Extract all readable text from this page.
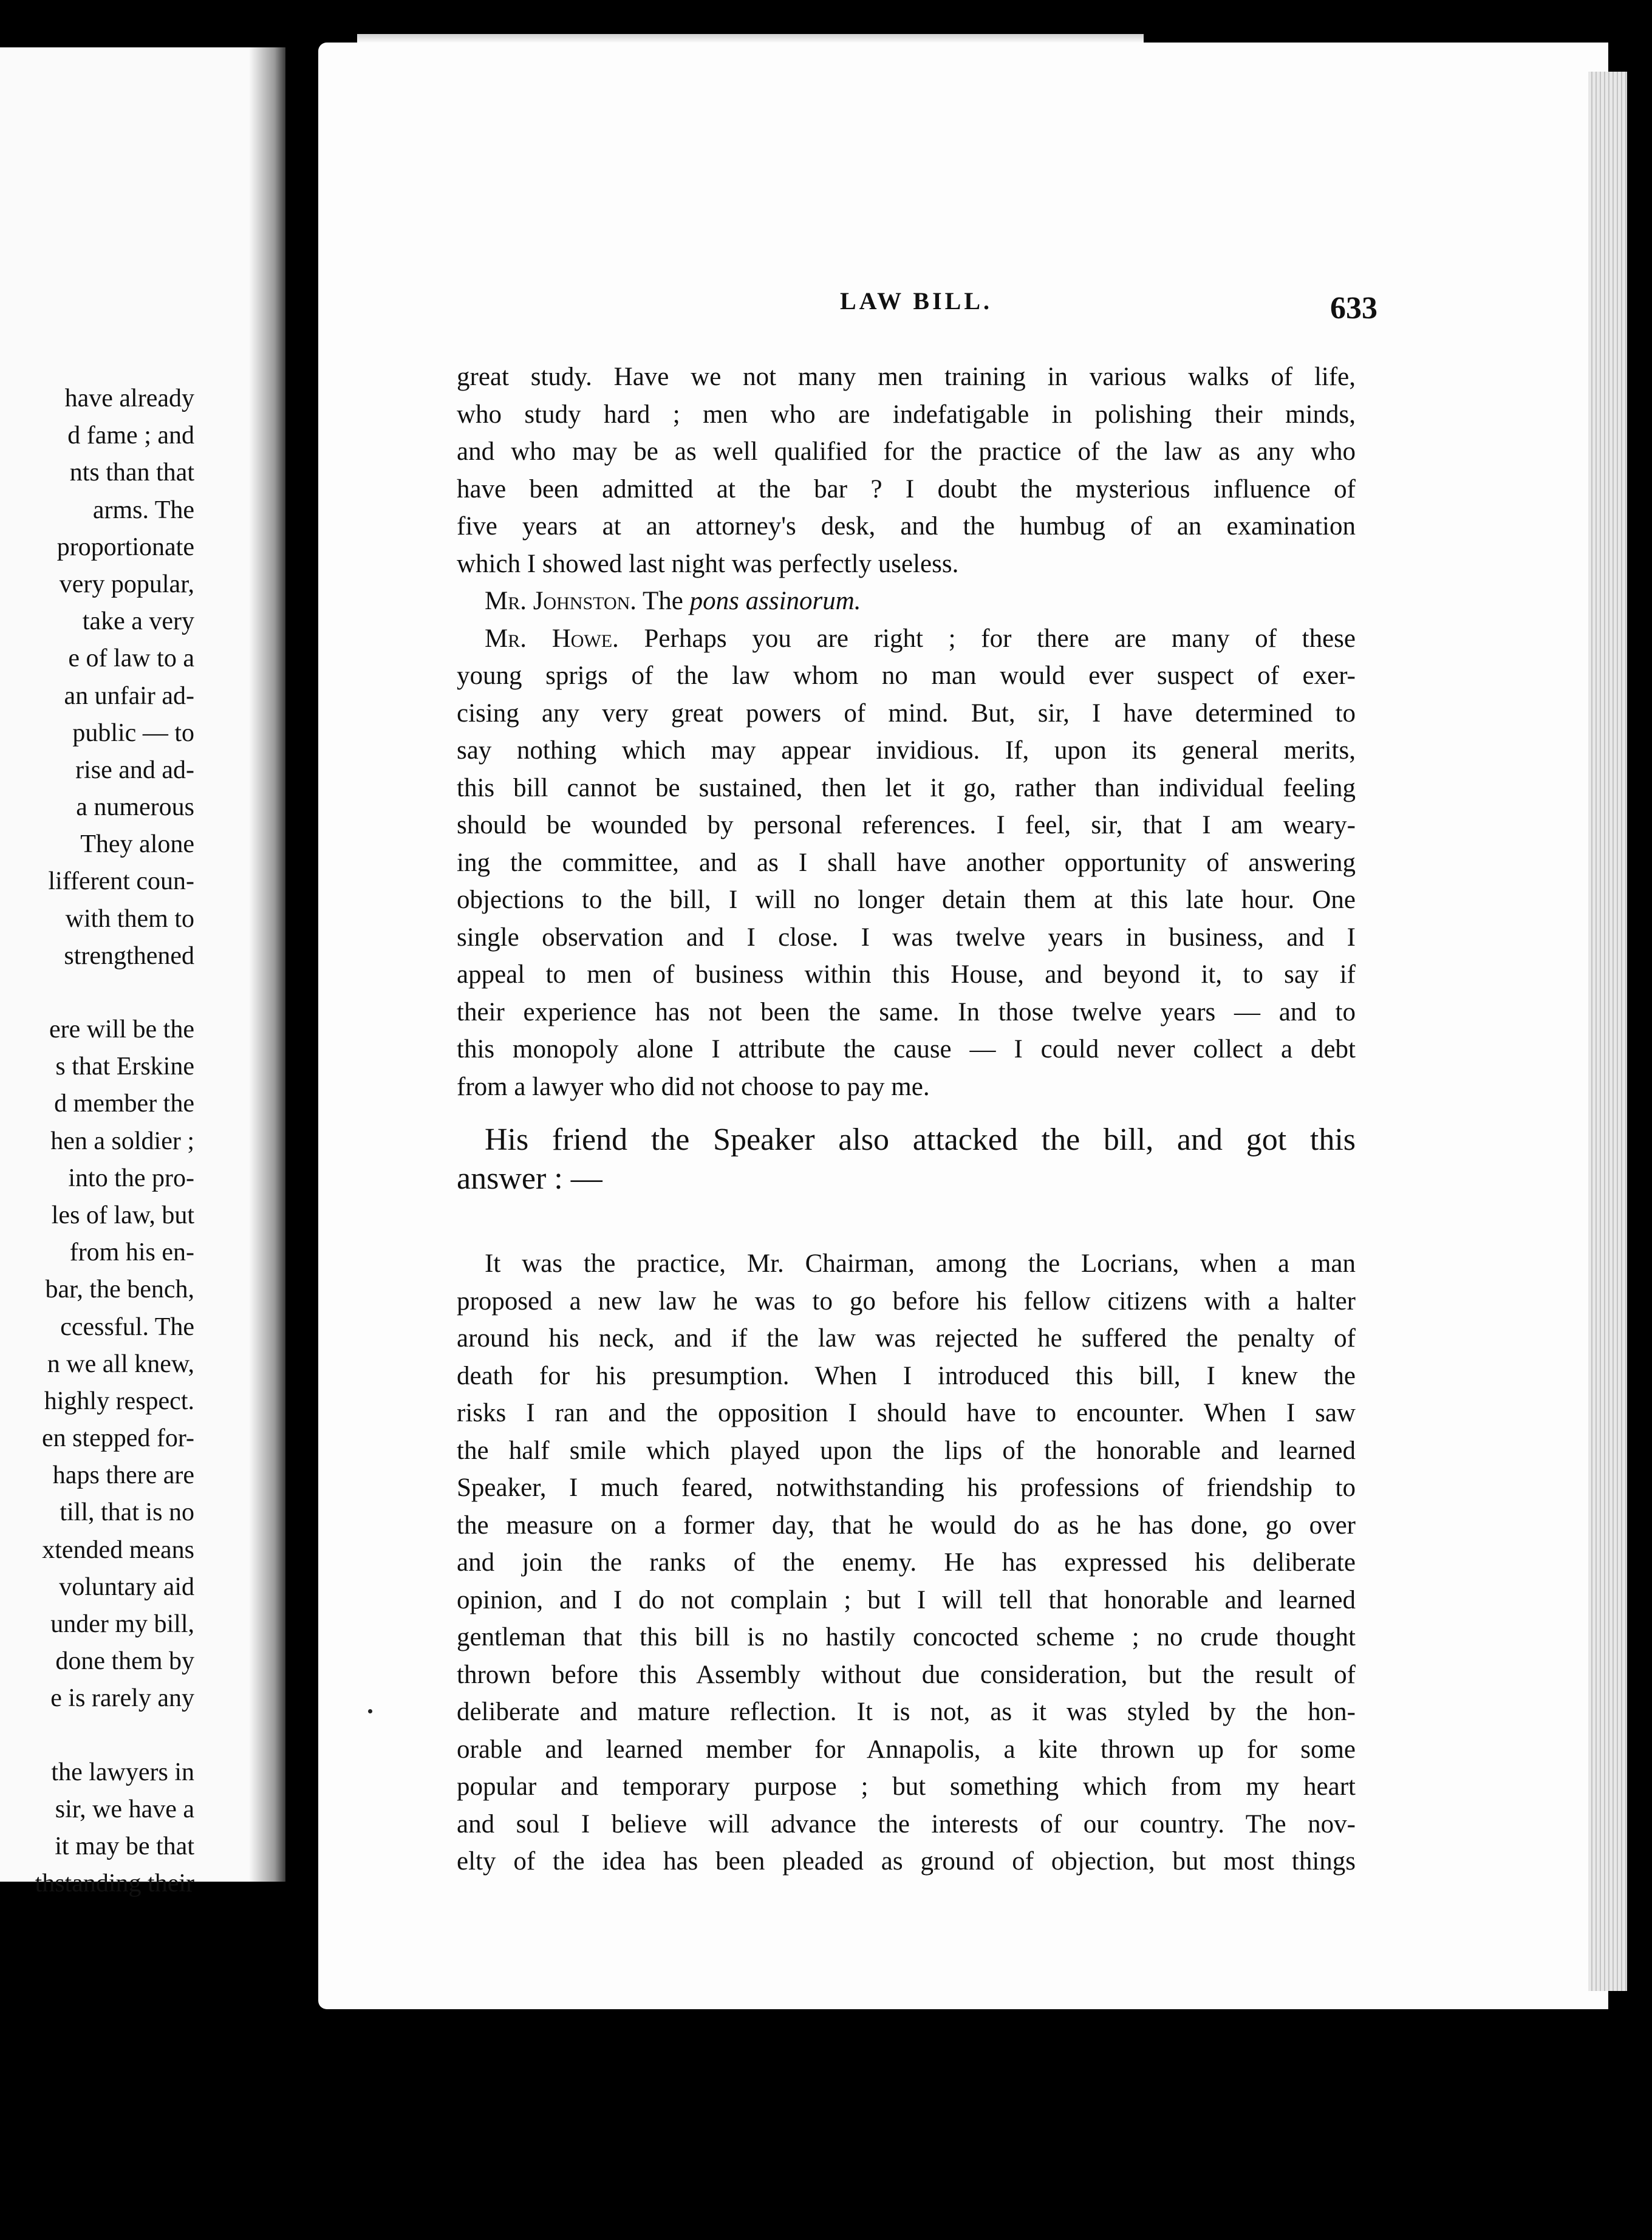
have already
d fame ; and
nts than that
arms. The
proportionate
very popular,
take a very
e of law to a
an unfair ad-
public — to
rise and ad-
a numerous
They alone
lifferent coun-
with them to
strengthened
ere will be the
s that Erskine
d member the
hen a soldier ;
into the pro-
les of law, but
from his en-
bar, the bench,
ccessful. The
n we all knew,
highly respect.
en stepped for-
haps there are
till, that is no
xtended means
voluntary aid
under my bill,
done them by
e is rarely any
the lawyers in
sir, we have a
it may be that
thstanding their
LAW BILL.	633
great study. Have we not many men training in various walks of life,
who study hard ; men who are indefatigable in polishing their minds,
and who may be as well qualified for the practice of the law as any who
have been admitted at the bar ? I doubt the mysterious influence of
five years at an attorney's desk, and the humbug of an examination
which I showed last night was perfectly useless.
Mr. Johnston. The pons assinorum.
Mr. Howe. Perhaps you are right ; for there are many of these
young sprigs of the law whom no man would ever suspect of exer-
cising any very great powers of mind. But, sir, I have determined to
say nothing which may appear invidious. If, upon its general merits,
this bill cannot be sustained, then let it go, rather than individual feeling
should be wounded by personal references. I feel, sir, that I am weary-
ing the committee, and as I shall have another opportunity of answering
objections to the bill, I will no longer detain them at this late hour. One
single observation and I close. I was twelve years in business, and I
appeal to men of business within this House, and beyond it, to say if
their experience has not been the same. In those twelve years — and to
this monopoly alone I attribute the cause — I could never collect a debt
from a lawyer who did not choose to pay me.
His friend the Speaker also attacked the bill, and got this
answer : —
It was the practice, Mr. Chairman, among the Locrians, when a man
proposed a new law he was to go before his fellow citizens with a halter
around his neck, and if the law was rejected he suffered the penalty of
death for his presumption. When I introduced this bill, I knew the
risks I ran and the opposition I should have to encounter. When I saw
the half smile which played upon the lips of the honorable and learned
Speaker, I much feared, notwithstanding his professions of friendship to
the measure on a former day, that he would do as he has done, go over
and join the ranks of the enemy. He has expressed his deliberate
opinion, and I do not complain ; but I will tell that honorable and learned
gentleman that this bill is no hastily concocted scheme ; no crude thought
thrown before this Assembly without due consideration, but the result of
deliberate and mature reflection. It is not, as it was styled by the hon-
orable and learned member for Annapolis, a kite thrown up for some
popular and temporary purpose ; but something which from my heart
and soul I believe will advance the interests of our country. The nov-
elty of the idea has been pleaded as ground of objection, but most things
